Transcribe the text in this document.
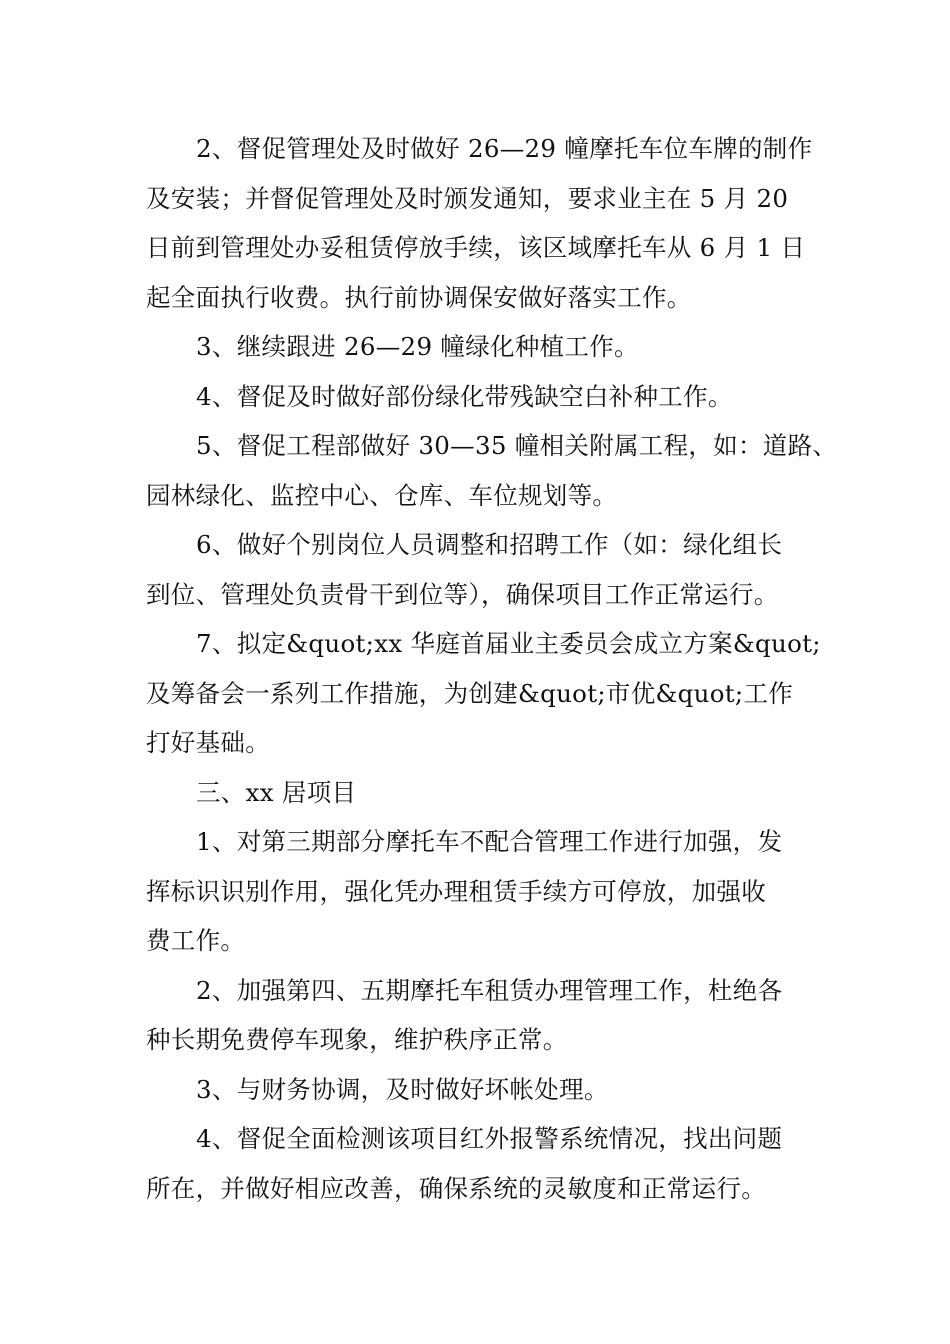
2、督促管理处及时做好 26—29 幢摩托车位车牌的制作
及安装；并督促管理处及时颁发通知，要求业主在 5 月 20
日前到管理处办妥租赁停放手续，该区域摩托车从 6 月 1 日
起全面执行收费。执行前协调保安做好落实工作。
3、继续跟进 26—29 幢绿化种植工作。
4、督促及时做好部份绿化带残缺空白补种工作。
5、督促工程部做好 30—35 幢相关附属工程，如：道路、
园林绿化、监控中心、仓库、车位规划等。
6、做好个别岗位人员调整和招聘工作（如：绿化组长
到位、管理处负责骨干到位等），确保项目工作正常运行。
7、拟定&quot;xx 华庭首届业主委员会成立方案&quot;
及筹备会一系列工作措施，为创建&quot;市优&quot;工作
打好基础。
三、xx 居项目
1、对第三期部分摩托车不配合管理工作进行加强，发
挥标识识别作用，强化凭办理租赁手续方可停放，加强收
费工作。
2、加强第四、五期摩托车租赁办理管理工作，杜绝各
种长期免费停车现象，维护秩序正常。
3、与财务协调，及时做好坏帐处理。
4、督促全面检测该项目红外报警系统情况，找出问题
所在，并做好相应改善，确保系统的灵敏度和正常运行。
